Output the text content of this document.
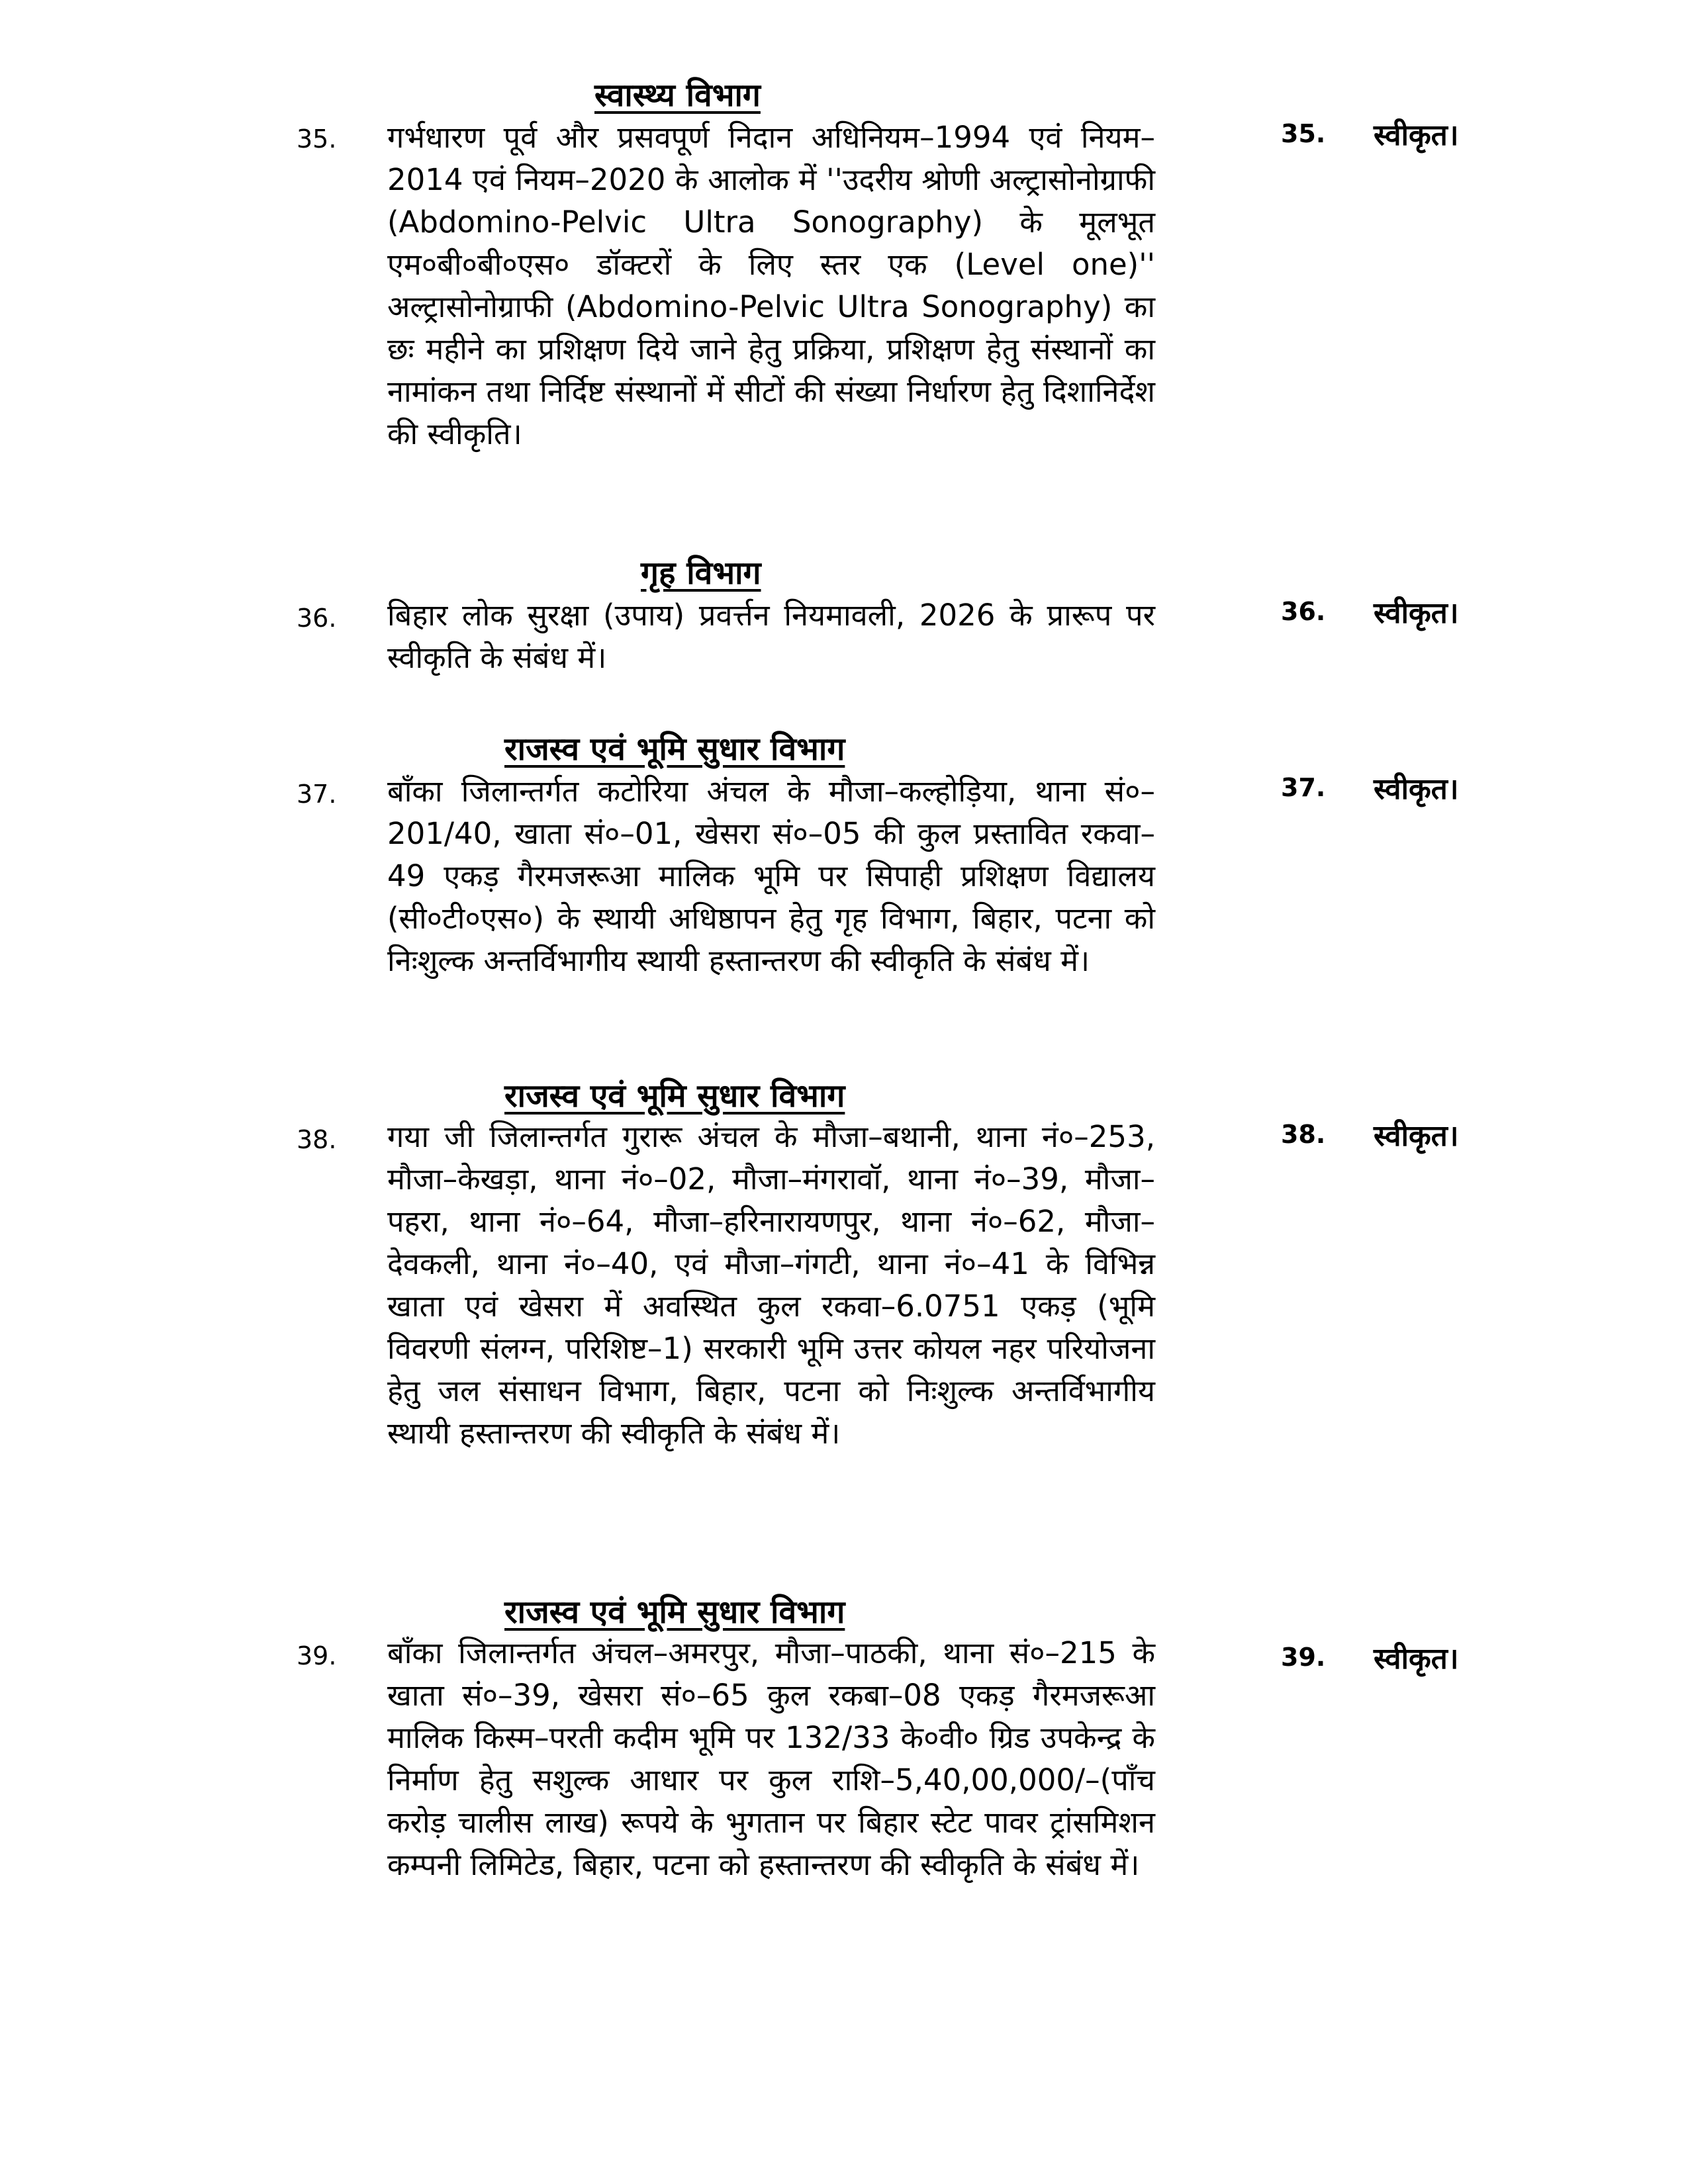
स्वास्थ्य विभाग
35. गर्भधारण पूर्व और प्रसवपूर्ण निदान अधिनियम–1994 एवं नियम–2014 एवं नियम–2020 के आलोक में ''उदरीय श्रोणी अल्ट्रासोनोग्राफी (Abdomino-Pelvic Ultra Sonography) के मूलभूत एम०बी०बी०एस० डॉक्टरों के लिए स्तर एक (Level one)'' अल्ट्रासोनोग्राफी (Abdomino-Pelvic Ultra Sonography) का छः महीने का प्रशिक्षण दिये जाने हेतु प्रक्रिया, प्रशिक्षण हेतु संस्थानों का नामांकन तथा निर्दिष्ट संस्थानों में सीटों की संख्या निर्धारण हेतु दिशानिर्देश की स्वीकृति।
35. स्वीकृत।
गृह विभाग
36. बिहार लोक सुरक्षा (उपाय) प्रवर्त्तन नियमावली, 2026 के प्रारूप पर स्वीकृति के संबंध में।
36. स्वीकृत।
राजस्व एवं भूमि सुधार विभाग
37. बाँका जिलान्तर्गत कटोरिया अंचल के मौजा–कल्होड़िया, थाना सं०–201/40, खाता सं०–01, खेसरा सं०–05 की कुल प्रस्तावित रकवा–49 एकड़ गैरमजरूआ मालिक भूमि पर सिपाही प्रशिक्षण विद्यालय (सी०टी०एस०) के स्थायी अधिष्ठापन हेतु गृह विभाग, बिहार, पटना को निःशुल्क अन्तर्विभागीय स्थायी हस्तान्तरण की स्वीकृति के संबंध में।
37. स्वीकृत।
राजस्व एवं भूमि सुधार विभाग
38. गया जी जिलान्तर्गत गुरारू अंचल के मौजा–बथानी, थाना नं०–253, मौजा–केखड़ा, थाना नं०–02, मौजा–मंगरावॉ, थाना नं०–39, मौजा–पहरा, थाना नं०–64, मौजा–हरिनारायणपुर, थाना नं०–62, मौजा–देवकली, थाना नं०–40, एवं मौजा–गंगटी, थाना नं०–41 के विभिन्न खाता एवं खेसरा में अवस्थित कुल रकवा–6.0751 एकड़ (भूमि विवरणी संलग्न, परिशिष्ट–1) सरकारी भूमि उत्तर कोयल नहर परियोजना हेतु जल संसाधन विभाग, बिहार, पटना को निःशुल्क अन्तर्विभागीय स्थायी हस्तान्तरण की स्वीकृति के संबंध में।
38. स्वीकृत।
राजस्व एवं भूमि सुधार विभाग
39. बाँका जिलान्तर्गत अंचल–अमरपुर, मौजा–पाठकी, थाना सं०–215 के खाता सं०–39, खेसरा सं०–65 कुल रकबा–08 एकड़ गैरमजरूआ मालिक किस्म–परती कदीम भूमि पर 132/33 के०वी० ग्रिड उपकेन्द्र के निर्माण हेतु सशुल्क आधार पर कुल राशि–5,40,00,000/–(पाँच करोड़ चालीस लाख) रूपये के भुगतान पर बिहार स्टेट पावर ट्रांसमिशन कम्पनी लिमिटेड, बिहार, पटना को हस्तान्तरण की स्वीकृति के संबंध में।
39. स्वीकृत।
